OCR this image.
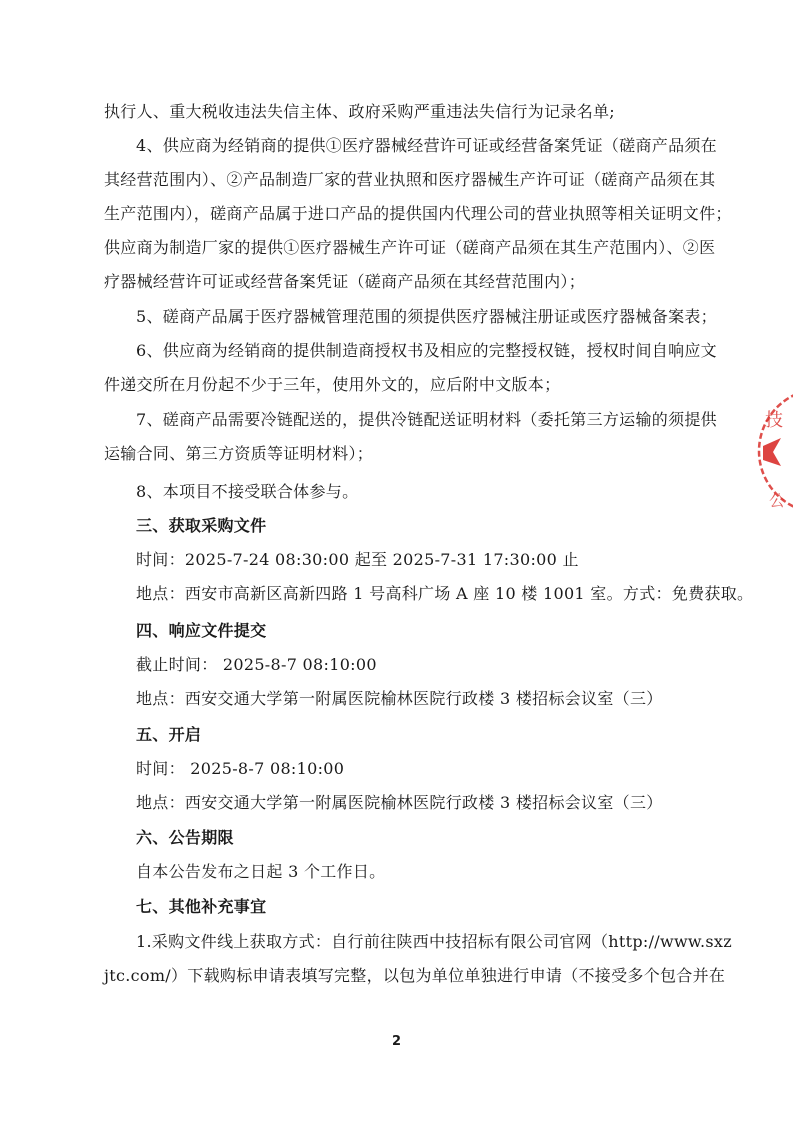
执行人、重大税收违法失信主体、政府采购严重违法失信行为记录名单;
4、供应商为经销商的提供①医疗器械经营许可证或经营备案凭证（磋商产品须在
其经营范围内）、②产品制造厂家的营业执照和医疗器械生产许可证（磋商产品须在其
生产范围内），磋商产品属于进口产品的提供国内代理公司的营业执照等相关证明文件；
供应商为制造厂家的提供①医疗器械生产许可证（磋商产品须在其生产范围内）、②医
疗器械经营许可证或经营备案凭证（磋商产品须在其经营范围内）；
5、磋商产品属于医疗器械管理范围的须提供医疗器械注册证或医疗器械备案表；
6、供应商为经销商的提供制造商授权书及相应的完整授权链，授权时间自响应文
件递交所在月份起不少于三年，使用外文的，应后附中文版本；
7、磋商产品需要冷链配送的，提供冷链配送证明材料（委托第三方运输的须提供
运输合同、第三方资质等证明材料）；
8、本项目不接受联合体参与。
三、获取采购文件
时间：2025-7-24 08:30:00 起至 2025-7-31 17:30:00 止
地点：西安市高新区高新四路 1 号高科广场 A 座 10 楼 1001 室。方式：免费获取。
四、响应文件提交
截止时间： 2025-8-7 08:10:00
地点：西安交通大学第一附属医院榆林医院行政楼 3 楼招标会议室（三）
五、开启
时间： 2025-8-7 08:10:00
地点：西安交通大学第一附属医院榆林医院行政楼 3 楼招标会议室（三）
六、公告期限
自本公告发布之日起 3 个工作日。
七、其他补充事宜
1.采购文件线上获取方式：自行前往陕西中技招标有限公司官网（http://www.sxz
jtc.com/）下载购标申请表填写完整，以包为单位单独进行申请（不接受多个包合并在
2
技
公
